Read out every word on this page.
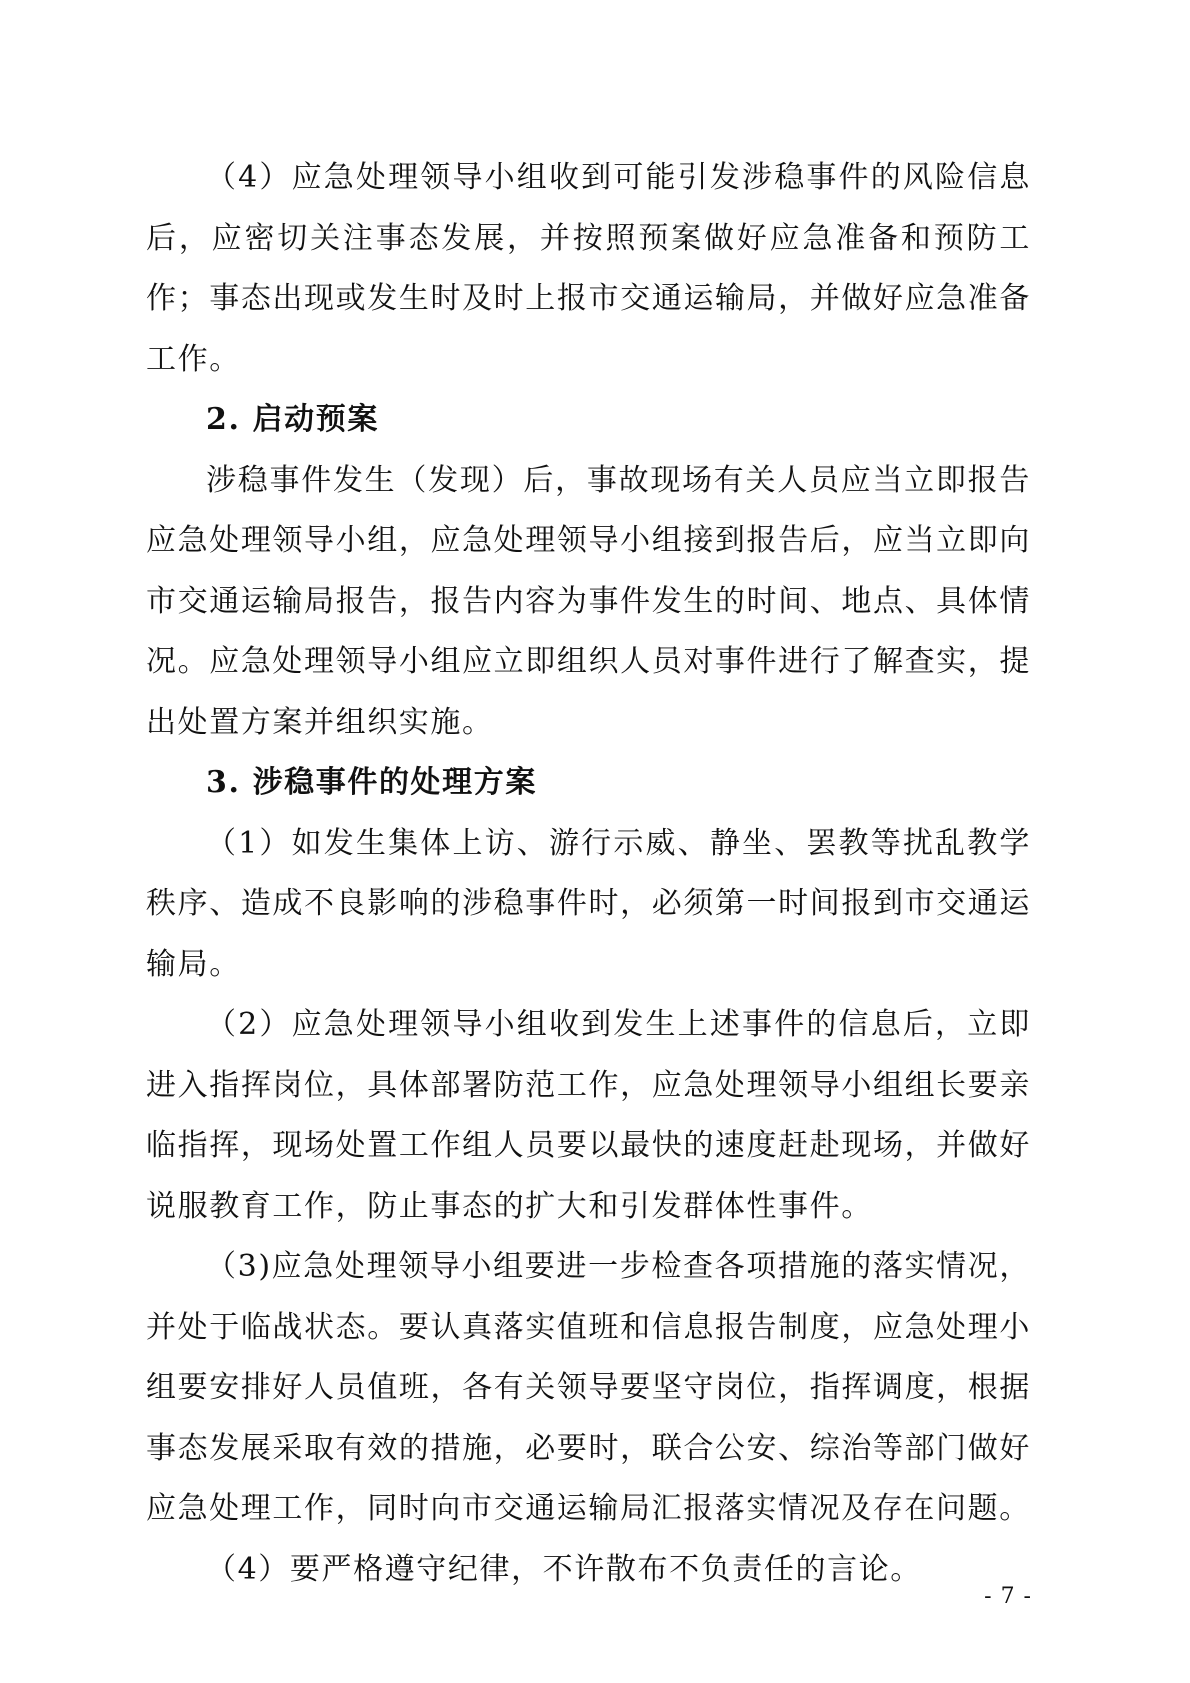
（4）应急处理领导小组收到可能引发涉稳事件的风险信息后，应密切关注事态发展，并按照预案做好应急准备和预防工作；事态出现或发生时及时上报市交通运输局，并做好应急准备工作。

2. 启动预案

涉稳事件发生（发现）后，事故现场有关人员应当立即报告应急处理领导小组，应急处理领导小组接到报告后，应当立即向市交通运输局报告，报告内容为事件发生的时间、地点、具体情况。应急处理领导小组应立即组织人员对事件进行了解查实，提出处置方案并组织实施。

3. 涉稳事件的处理方案

（1）如发生集体上访、游行示威、静坐、罢教等扰乱教学秩序、造成不良影响的涉稳事件时，必须第一时间报到市交通运输局。

（2）应急处理领导小组收到发生上述事件的信息后，立即进入指挥岗位，具体部署防范工作，应急处理领导小组组长要亲临指挥，现场处置工作组人员要以最快的速度赶赴现场，并做好说服教育工作，防止事态的扩大和引发群体性事件。

（3)应急处理领导小组要进一步检查各项措施的落实情况，并处于临战状态。要认真落实值班和信息报告制度，应急处理小组要安排好人员值班，各有关领导要坚守岗位，指挥调度，根据事态发展采取有效的措施，必要时，联合公安、综治等部门做好应急处理工作，同时向市交通运输局汇报落实情况及存在问题。

（4）要严格遵守纪律，不许散布不负责任的言论。

- 7 -
